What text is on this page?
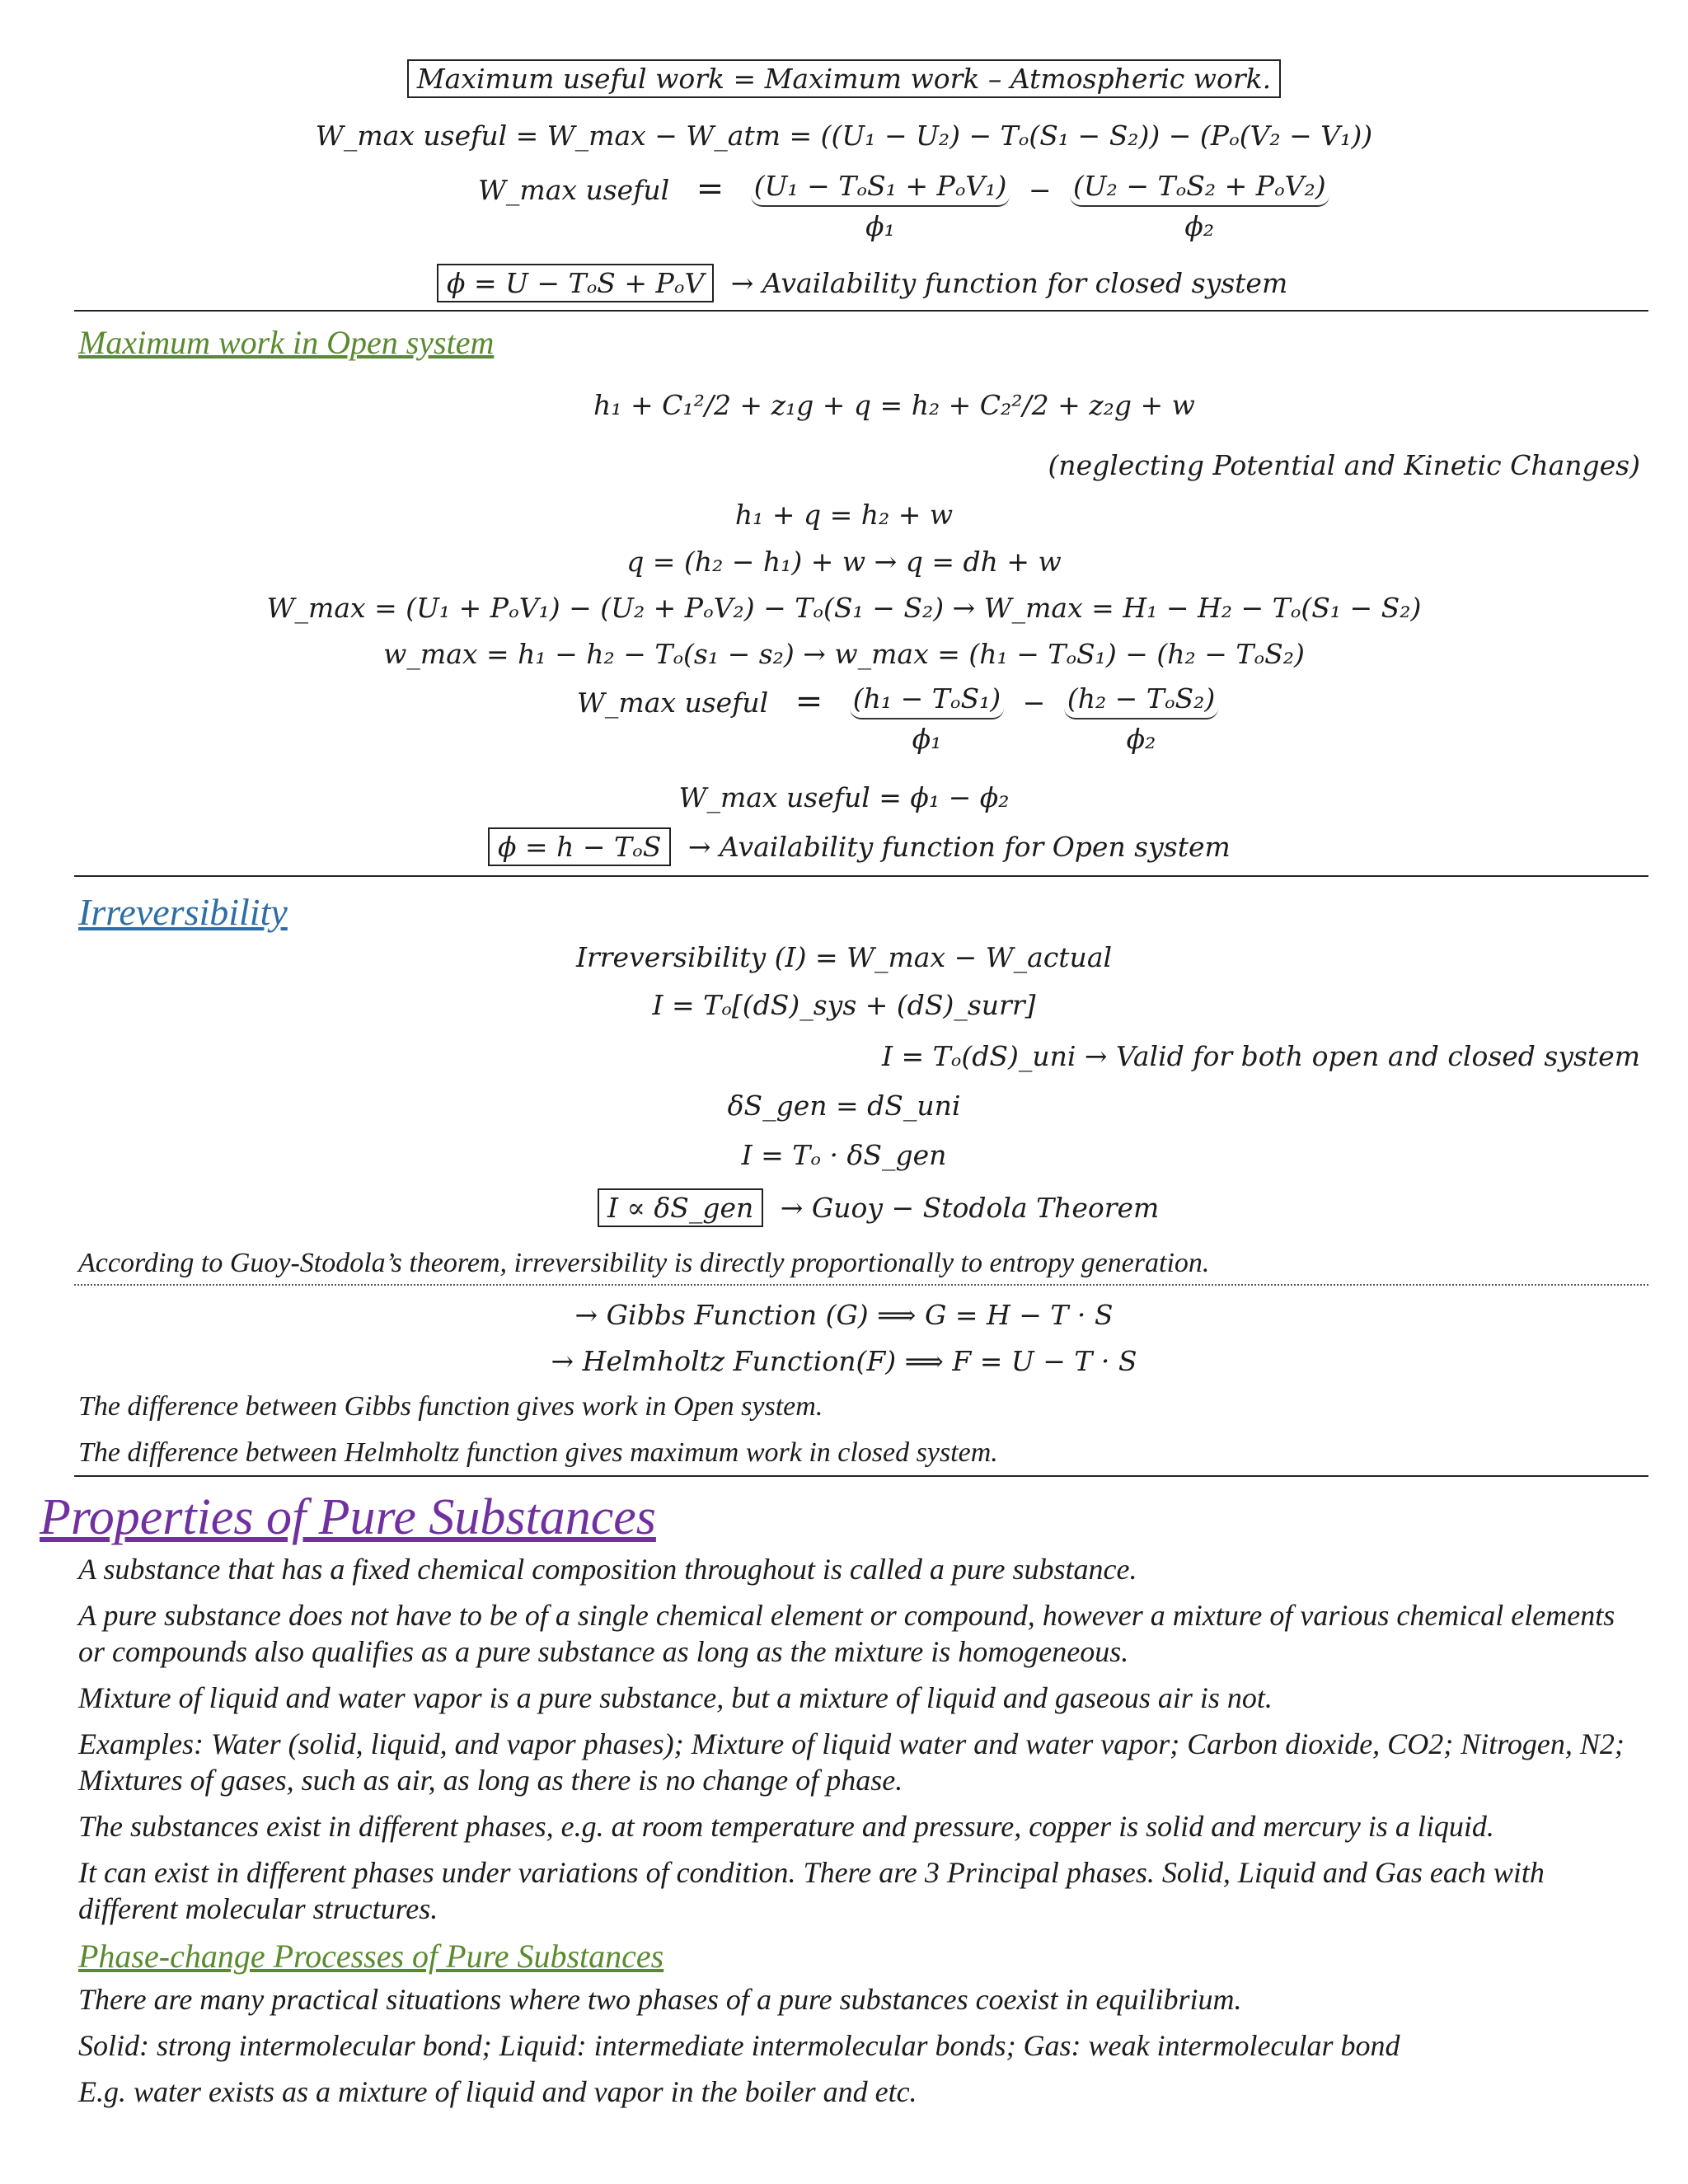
Maximum useful work = Maximum work – Atmospheric work.
W_max useful = W_max − W_atm = ((U₁ − U₂) − Tₒ(S₁ − S₂)) − (Pₒ(V₂ − V₁))
W_max useful = (U₁ − TₒS₁ + PₒV₁)
ϕ₁
− (U₂ − TₒS₂ + PₒV₂)
ϕ₂
ϕ = U − TₒS + PₒV → Availability function for closed system
Maximum work in Open system
h₁ + C₁²/2 + z₁g + q = h₂ + C₂²/2 + z₂g + w
(neglecting Potential and Kinetic Changes)
h₁ + q = h₂ + w
q = (h₂ − h₁) + w → q = dh + w
W_max = (U₁ + PₒV₁) − (U₂ + PₒV₂) − Tₒ(S₁ − S₂) → W_max = H₁ − H₂ − Tₒ(S₁ − S₂)
w_max = h₁ − h₂ − Tₒ(s₁ − s₂) → w_max = (h₁ − TₒS₁) − (h₂ − TₒS₂)
W_max useful = (h₁ − TₒS₁)
ϕ₁
− (h₂ − TₒS₂)
ϕ₂
W_max useful = ϕ₁ − ϕ₂
ϕ = h − TₒS → Availability function for Open system
Irreversibility
Irreversibility (I) = W_max − W_actual
I = Tₒ[(dS)_sys + (dS)_surr]
I = Tₒ(dS)_uni → Valid for both open and closed system
δS_gen = dS_uni
I = Tₒ · δS_gen
I ∝ δS_gen → Guoy − Stodola Theorem
According to Guoy-Stodola’s theorem, irreversibility is directly proportionally to entropy generation.
→ Gibbs Function (G) ⟹ G = H − T · S
→ Helmholtz Function(F) ⟹ F = U − T · S
The difference between Gibbs function gives work in Open system.
The difference between Helmholtz function gives maximum work in closed system.
Properties of Pure Substances
A substance that has a fixed chemical composition throughout is called a pure substance.
A pure substance does not have to be of a single chemical element or compound, however a mixture of various chemical elements or compounds also qualifies as a pure substance as long as the mixture is homogeneous.
Mixture of liquid and water vapor is a pure substance, but a mixture of liquid and gaseous air is not.
Examples: Water (solid, liquid, and vapor phases); Mixture of liquid water and water vapor; Carbon dioxide, CO2; Nitrogen, N2; Mixtures of gases, such as air, as long as there is no change of phase.
The substances exist in different phases, e.g. at room temperature and pressure, copper is solid and mercury is a liquid.
It can exist in different phases under variations of condition. There are 3 Principal phases. Solid, Liquid and Gas each with different molecular structures.
Phase-change Processes of Pure Substances
There are many practical situations where two phases of a pure substances coexist in equilibrium.
Solid: strong intermolecular bond; Liquid: intermediate intermolecular bonds; Gas: weak intermolecular bond
E.g. water exists as a mixture of liquid and vapor in the boiler and etc.
